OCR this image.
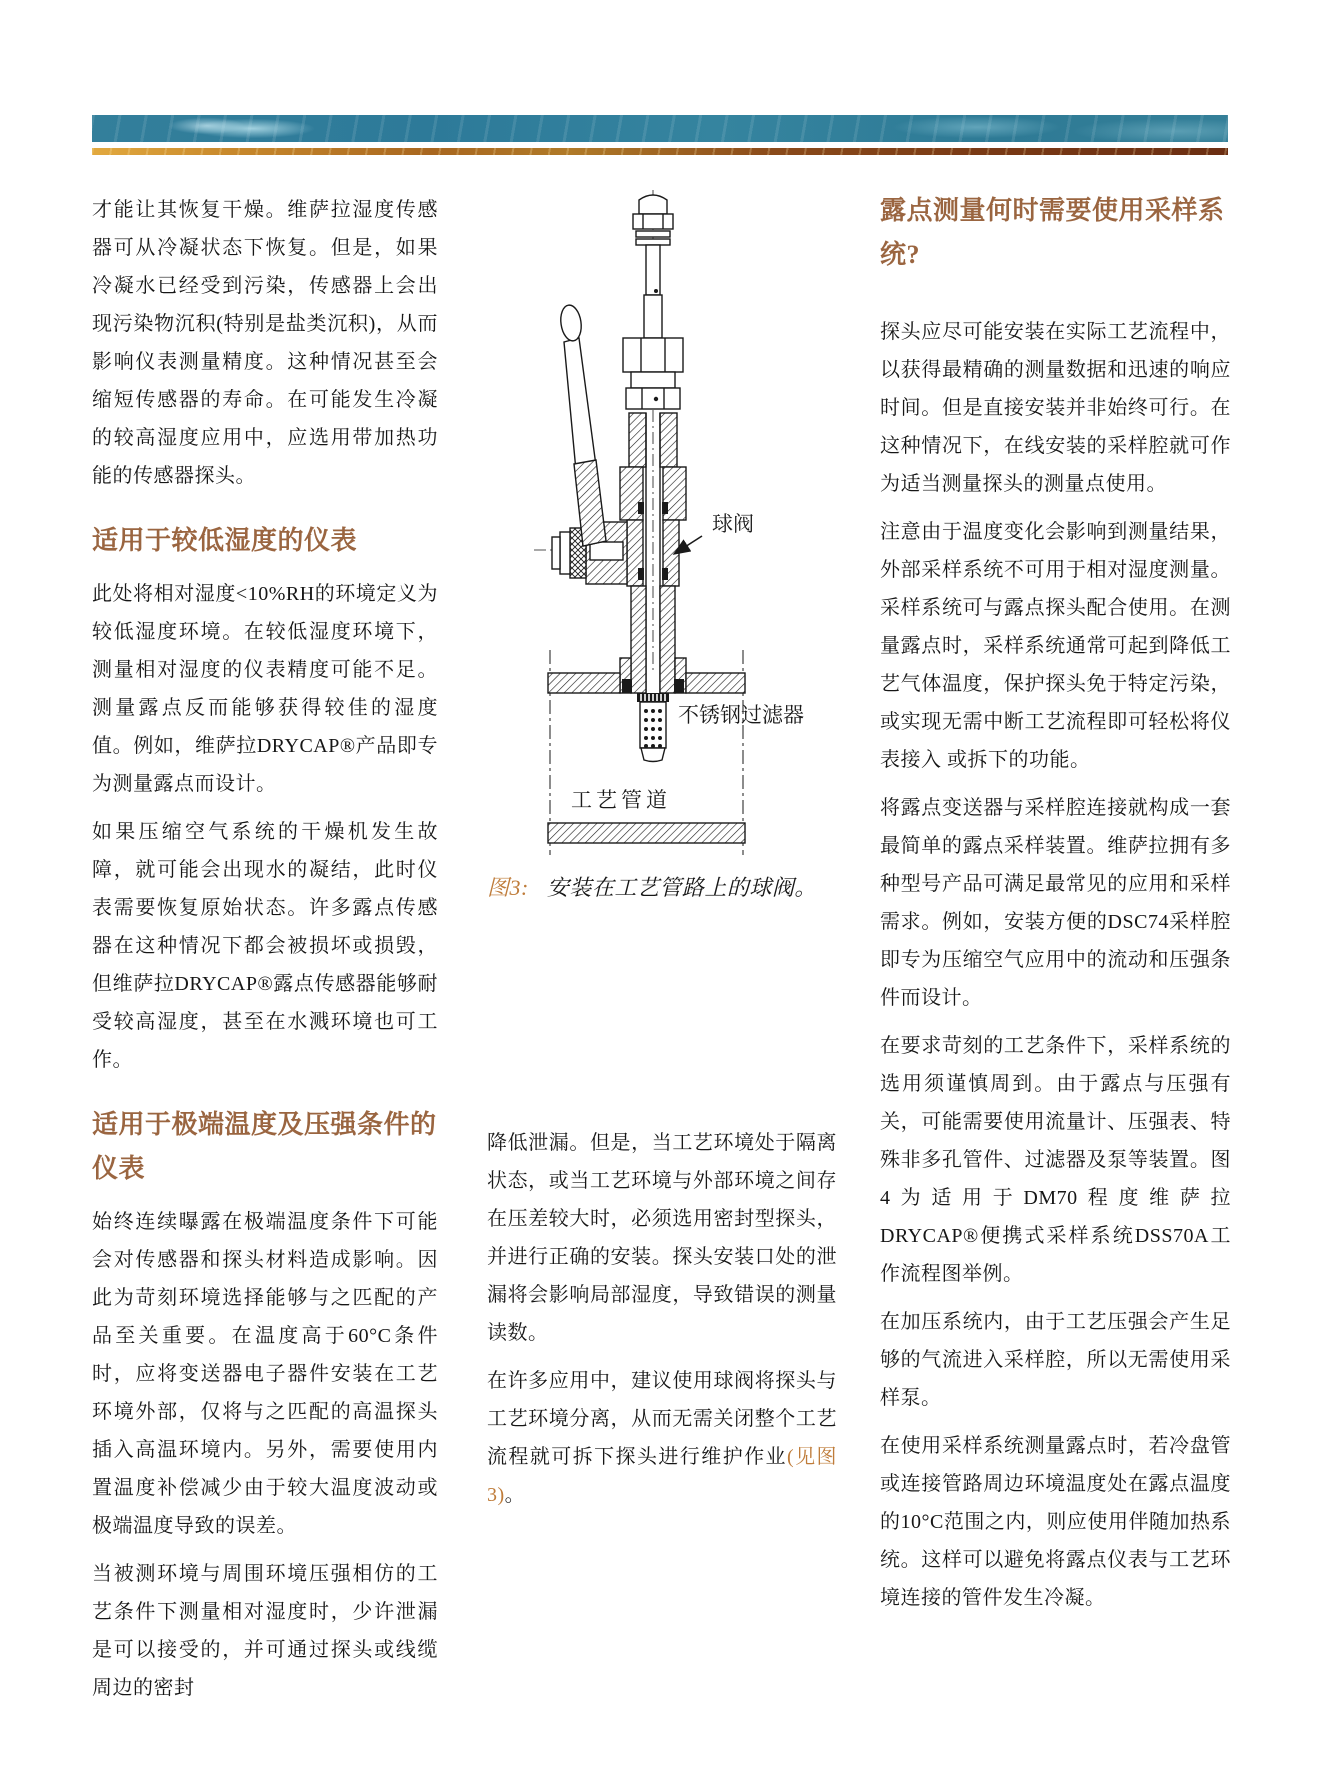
才能让其恢复干燥。维萨拉湿度传感器可从冷凝状态下恢复。但是，如果冷凝水已经受到污染，传感器上会出现污染物沉积(特别是盐类沉积)，从而影响仪表测量精度。这种情况甚至会缩短传感器的寿命。在可能发生冷凝的较高湿度应用中，应选用带加热功能的传感器探头。

适用于较低湿度的仪表

此处将相对湿度<10%RH的环境定义为较低湿度环境。在较低湿度环境下，测量相对湿度的仪表精度可能不足。测量露点反而能够获得较佳的湿度值。例如，维萨拉DRYCAP®产品即专为测量露点而设计。

如果压缩空气系统的干燥机发生故障，就可能会出现水的凝结，此时仪表需要恢复原始状态。许多露点传感器在这种情况下都会被损坏或损毁，但维萨拉DRYCAP®露点传感器能够耐受较高湿度，甚至在水溅环境也可工作。

适用于极端温度及压强条件的仪表

始终连续曝露在极端温度条件下可能会对传感器和探头材料造成影响。因此为苛刻环境选择能够与之匹配的产品至关重要。在温度高于60°C条件时，应将变送器电子器件安装在工艺环境外部，仅将与之匹配的高温探头插入高温环境内。另外，需要使用内置温度补偿减少由于较大温度波动或极端温度导致的误差。

当被测环境与周围环境压强相仿的工艺条件下测量相对湿度时，少许泄漏是可以接受的，并可通过探头或线缆周边的密封

球阀
不锈钢过滤器
工艺管道

图3: 安装在工艺管路上的球阀。

降低泄漏。但是，当工艺环境处于隔离状态，或当工艺环境与外部环境之间存在压差较大时，必须选用密封型探头，并进行正确的安装。探头安装口处的泄漏将会影响局部湿度，导致错误的测量读数。

在许多应用中，建议使用球阀将探头与工艺环境分离，从而无需关闭整个工艺流程就可拆下探头进行维护作业(见图3)。

露点测量何时需要使用采样系统?

探头应尽可能安装在实际工艺流程中，以获得最精确的测量数据和迅速的响应时间。但是直接安装并非始终可行。在这种情况下，在线安装的采样腔就可作为适当测量探头的测量点使用。

注意由于温度变化会影响到测量结果，外部采样系统不可用于相对湿度测量。采样系统可与露点探头配合使用。在测量露点时，采样系统通常可起到降低工艺气体温度，保护探头免于特定污染，或实现无需中断工艺流程即可轻松将仪表接入 或拆下的功能。

将露点变送器与采样腔连接就构成一套最简单的露点采样装置。维萨拉拥有多种型号产品可满足最常见的应用和采样需求。例如，安装方便的DSC74采样腔即专为压缩空气应用中的流动和压强条件而设计。

在要求苛刻的工艺条件下，采样系统的选用须谨慎周到。由于露点与压强有关，可能需要使用流量计、压强表、特殊非多孔管件、过滤器及泵等装置。图4为适用于DM70程度维萨拉 DRYCAP®便携式采样系统DSS70A工作流程图举例。

在加压系统内，由于工艺压强会产生足够的气流进入采样腔，所以无需使用采样泵。

在使用采样系统测量露点时，若冷盘管或连接管路周边环境温度处在露点温度的10°C范围之内，则应使用伴随加热系统。这样可以避免将露点仪表与工艺环境连接的管件发生冷凝。
